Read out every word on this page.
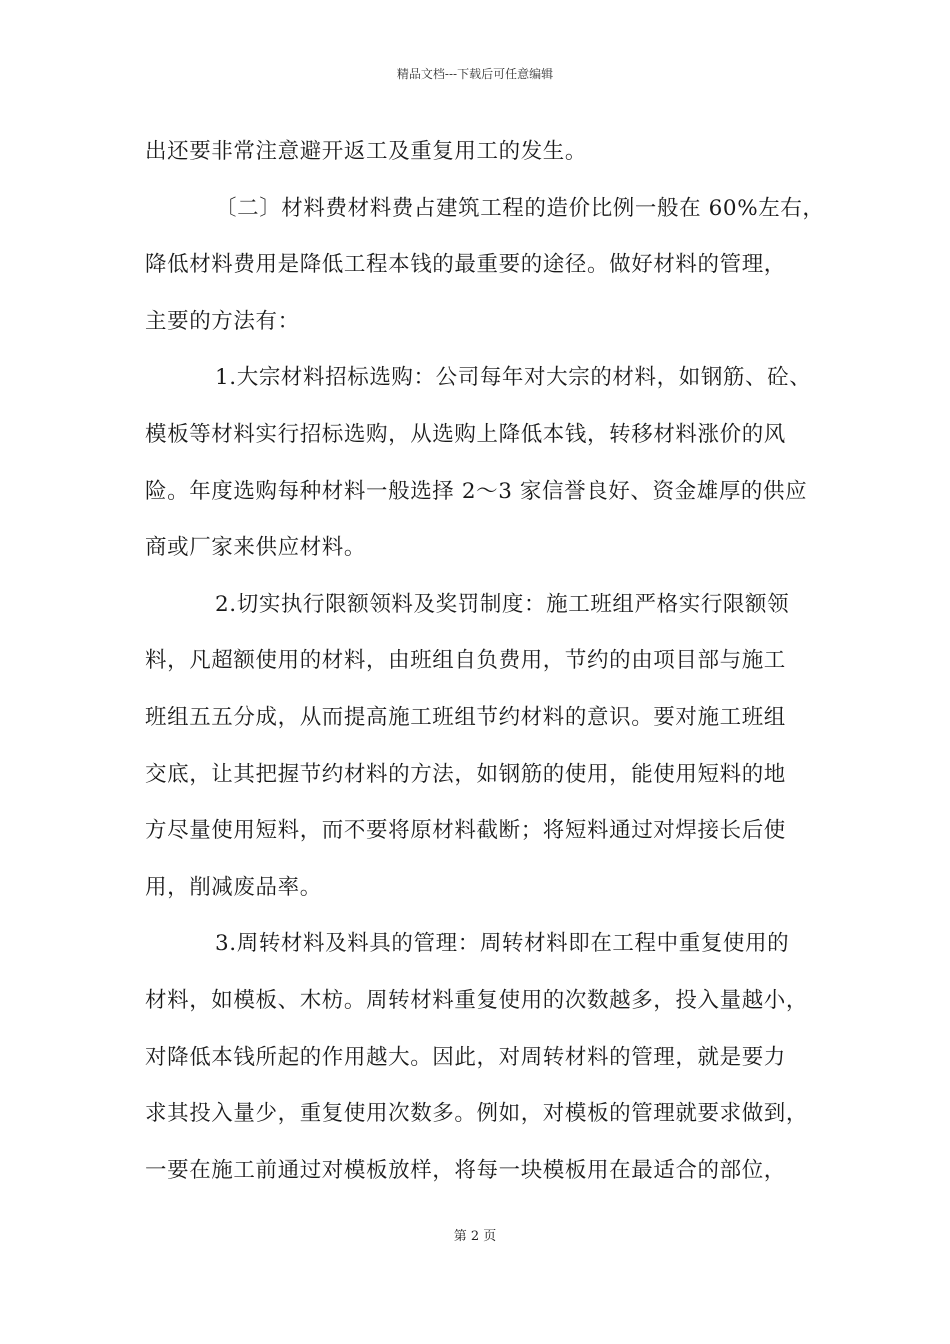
精品文档---下载后可任意编辑
出还要非常注意避开返工及重复用工的发生。
〔二〕材料费材料费占建筑工程的造价比例一般在 60%左右，
降低材料费用是降低工程本钱的最重要的途径。做好材料的管理，
主要的方法有：
1.大宗材料招标选购：公司每年对大宗的材料，如钢筋、砼、
模板等材料实行招标选购，从选购上降低本钱，转移材料涨价的风
险。年度选购每种材料一般选择 2～3 家信誉良好、资金雄厚的供应
商或厂家来供应材料。
2.切实执行限额领料及奖罚制度：施工班组严格实行限额领
料，凡超额使用的材料，由班组自负费用，节约的由项目部与施工
班组五五分成，从而提高施工班组节约材料的意识。要对施工班组
交底，让其把握节约材料的方法，如钢筋的使用，能使用短料的地
方尽量使用短料，而不要将原材料截断；将短料通过对焊接长后使
用，削减废品率。
3.周转材料及料具的管理：周转材料即在工程中重复使用的
材料，如模板、木枋。周转材料重复使用的次数越多，投入量越小，
对降低本钱所起的作用越大。因此，对周转材料的管理，就是要力
求其投入量少，重复使用次数多。例如，对模板的管理就要求做到，
一要在施工前通过对模板放样，将每一块模板用在最适合的部位，
第 2 页
